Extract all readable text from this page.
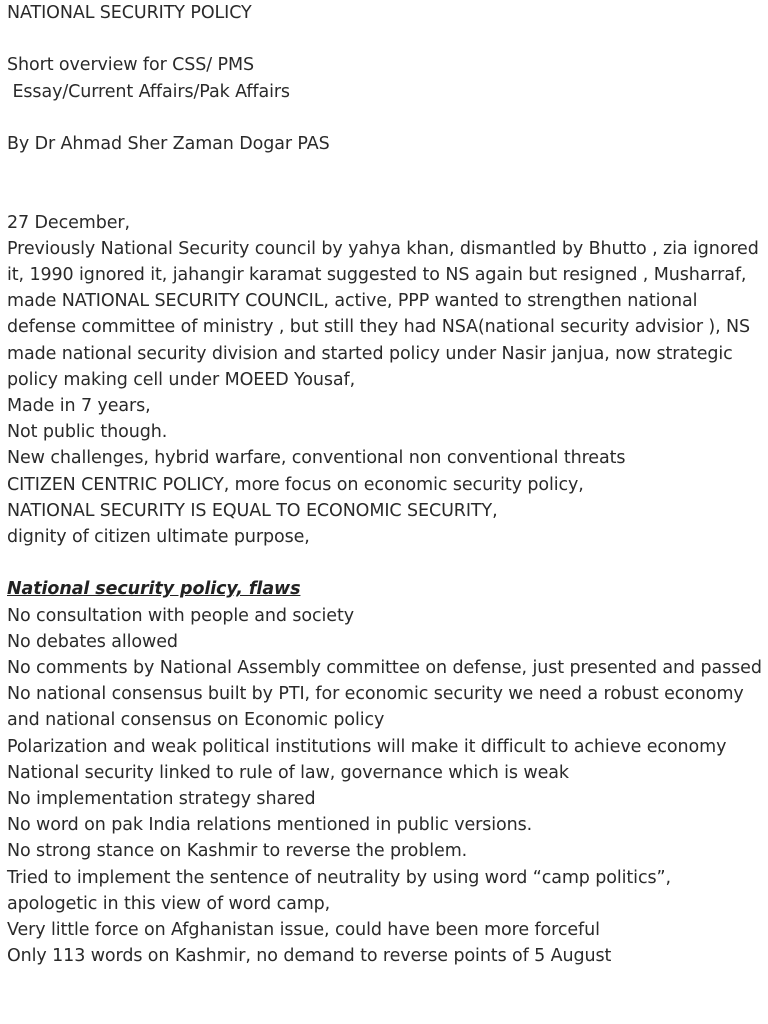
NATIONAL SECURITY POLICY
Short overview for CSS/ PMS
Essay/Current Affairs/Pak Affairs
By Dr Ahmad Sher Zaman Dogar PAS
27 December,
Previously National Security council by yahya khan, dismantled by Bhutto , zia ignored it, 1990 ignored it, jahangir karamat suggested to NS again but resigned , Musharraf, made NATIONAL SECURITY COUNCIL, active, PPP wanted to strengthen national defense committee of ministry , but still they had NSA(national security advisior ), NS made national security division and started policy under Nasir janjua, now strategic policy making cell under MOEED Yousaf,
Made in 7 years,
Not public though.
New challenges, hybrid warfare, conventional non conventional threats
CITIZEN CENTRIC POLICY, more focus on economic security policy,
NATIONAL SECURITY IS EQUAL TO ECONOMIC SECURITY,
dignity of citizen ultimate purpose,
National security policy, flaws
No consultation with people and society
No debates allowed
No comments by National Assembly committee on defense, just presented and passed
No national consensus built by PTI, for economic security we need a robust economy and national consensus on Economic policy
Polarization and weak political institutions will make it difficult to achieve economy
National security linked to rule of law, governance which is weak
No implementation strategy shared
No word on pak India relations mentioned in public versions.
No strong stance on Kashmir to reverse the problem.
Tried to implement the sentence of neutrality by using word “camp politics”, apologetic in this view of word camp,
Very little force on Afghanistan issue, could have been more forceful
Only 113 words on Kashmir, no demand to reverse points of 5 August
